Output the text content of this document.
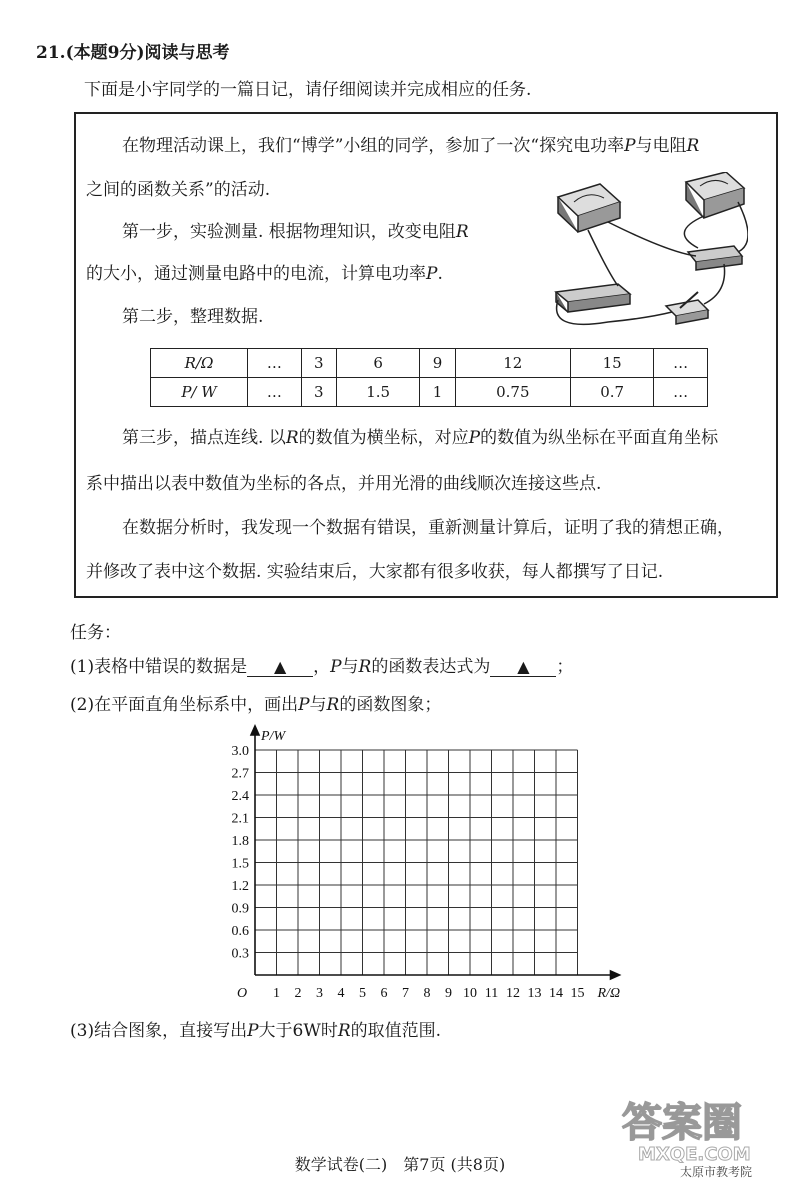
21.(本题9分)阅读与思考
下面是小宇同学的一篇日记，请仔细阅读并完成相应的任务.
在物理活动课上，我们“博学”小组的同学，参加了一次“探究电功率P与电阻R
之间的函数关系”的活动.
第一步，实验测量. 根据物理知识，改变电阻R
的大小，通过测量电路中的电流，计算电功率P.
第二步，整理数据.
R/Ω	…	3	6	9	12	15	…
P/ W	…	3	1.5	1	0.75	0.7	…
第三步，描点连线. 以R的数值为横坐标，对应P的数值为纵坐标在平面直角坐标
系中描出以表中数值为坐标的各点，并用光滑的曲线顺次连接这些点.
在数据分析时，我发现一个数据有错误，重新测量计算后，证明了我的猜想正确，
并修改了表中这个数据. 实验结束后，大家都有很多收获，每人都撰写了日记.
任务：
(1)表格中错误的数据是 ▲ ，P与R的函数表达式为 ▲ ；
(2)在平面直角坐标系中，画出P与R的函数图象；
1 2 3 4 5 6 7 8 9 10 11 12 13 14 15
0.3
0.6
0.9
1.2
1.5
1.8
2.1
2.4
2.7
3.0
O
P/W
R/Ω
(3)结合图象，直接写出P大于6W时R的取值范围.
答案圈
MXQE.COM
太原市教考院
数学试卷(二)　第7页 (共8页)
